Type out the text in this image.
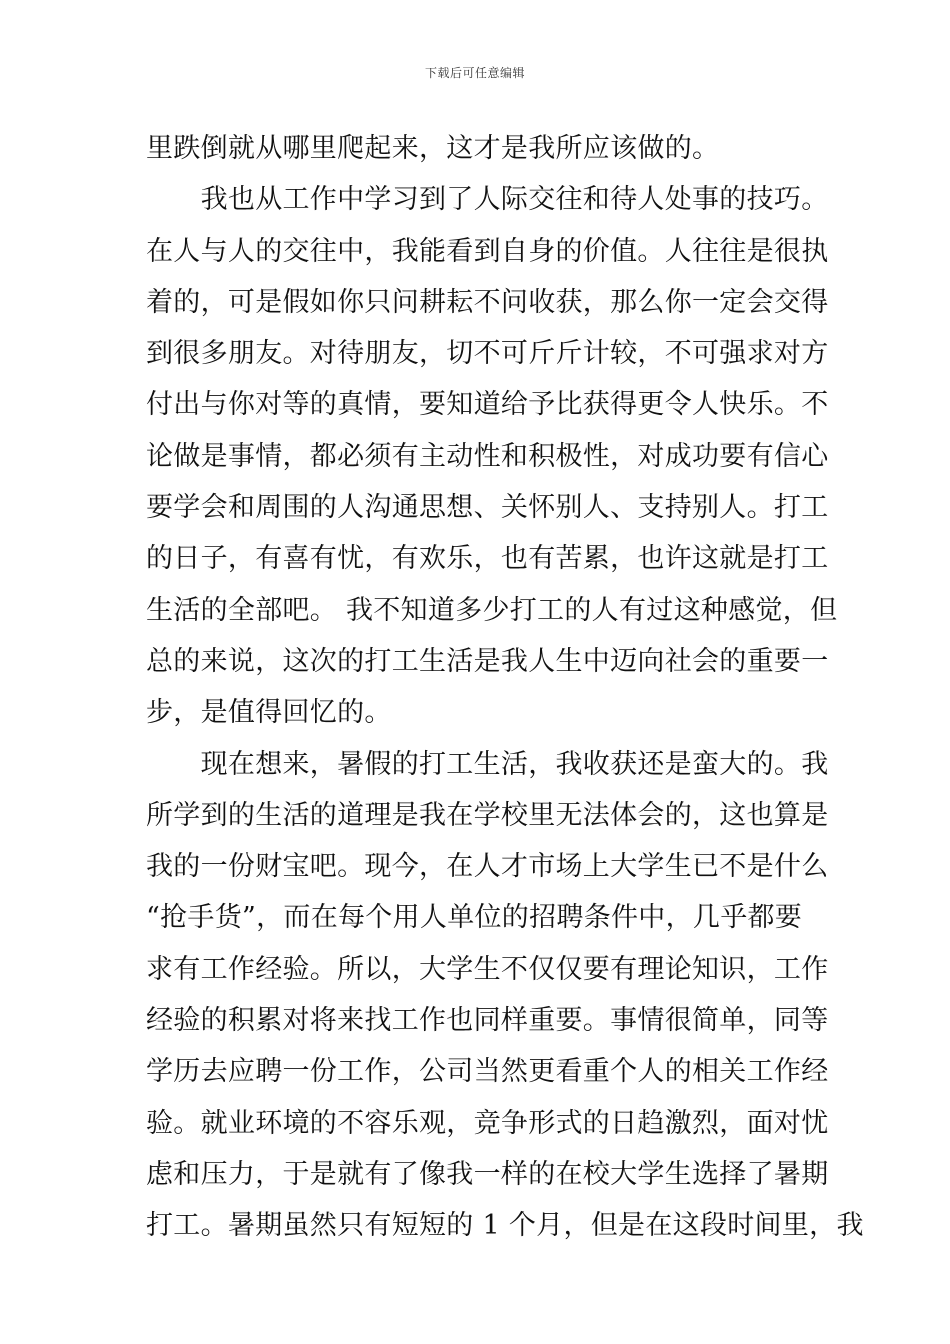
下载后可任意编辑
里跌倒就从哪里爬起来，这才是我所应该做的。
　　我也从工作中学习到了人际交往和待人处事的技巧。
在人与人的交往中，我能看到自身的价值。人往往是很执
着的，可是假如你只问耕耘不问收获，那么你一定会交得
到很多朋友。对待朋友，切不可斤斤计较，不可强求对方
付出与你对等的真情，要知道给予比获得更令人快乐。不
论做是事情，都必须有主动性和积极性，对成功要有信心
要学会和周围的人沟通思想、关怀别人、支持别人。打工
的日子，有喜有忧，有欢乐，也有苦累，也许这就是打工
生活的全部吧。 我不知道多少打工的人有过这种感觉，但
总的来说，这次的打工生活是我人生中迈向社会的重要一
步，是值得回忆的。
　　现在想来，暑假的打工生活，我收获还是蛮大的。我
所学到的生活的道理是我在学校里无法体会的，这也算是
我的一份财宝吧。现今，在人才市场上大学生已不是什么
“抢手货”，而在每个用人单位的招聘条件中，几乎都要
求有工作经验。所以，大学生不仅仅要有理论知识，工作
经验的积累对将来找工作也同样重要。事情很简单，同等
学历去应聘一份工作，公司当然更看重个人的相关工作经
验。就业环境的不容乐观，竞争形式的日趋激烈，面对忧
虑和压力，于是就有了像我一样的在校大学生选择了暑期
打工。暑期虽然只有短短的 1 个月，但是在这段时间里，我
